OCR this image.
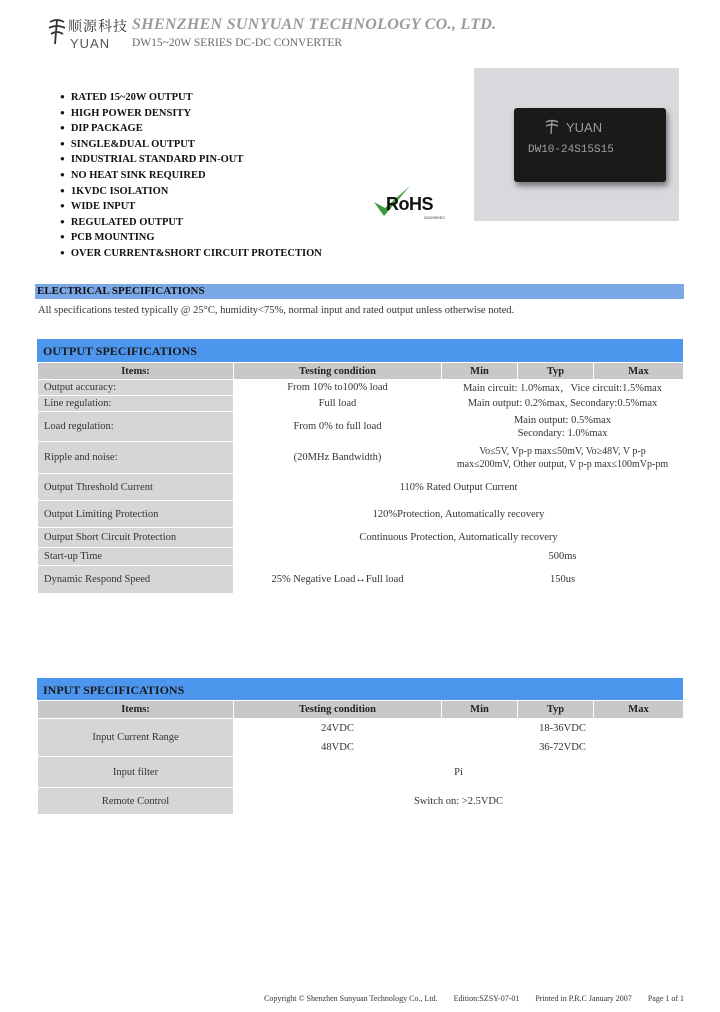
顺源科技
YUAN
SHENZHEN SUNYUAN TECHNOLOGY CO., LTD.
DW15~20W SERIES DC-DC CONVERTER
● RATED 15~20W OUTPUT
● HIGH POWER DENSITY
● DIP PACKAGE
● SINGLE&DUAL OUTPUT
● INDUSTRIAL STANDARD PIN-OUT
● NO HEAT SINK REQUIRED
● 1KVDC ISOLATION
● WIDE INPUT
● REGULATED OUTPUT
● PCB MOUNTING
● OVER CURRENT&SHORT CIRCUIT PROTECTION
YUAN
DW10-24S15S15
RoHS
2002/95/EC
ELECTRICAL SPECIFICATIONS
All specifications tested typically @ 25°C, humidity<75%, normal input and rated output unless otherwise noted.
OUTPUT SPECIFICATIONS
Items:	Testing condition	Min	Typ	Max
Output accuracy:	From 10% to100% load	Main circuit: 1.0%max，Vice circuit:1.5%max		
Line regulation:	Full load	Main output: 0.2%max, Secondary:0.5%max		
Load regulation:	From 0% to full load	Main output: 0.5%max
Secondary: 1.0%max		

Ripple and noise:	(20MHz Bandwidth)	Vo≤5V, Vp-p max≤50mV, Vo≥48V, V p-p
max≤200mV, Other output, V p-p max≤100mVp-pm		

Output Threshold Current	110% Rated Output Current			
Output Limiting Protection	120%Protection, Automatically recovery			
Output Short Circuit Protection	Continuous Protection, Automatically recovery			
Start-up Time		500ms		
Dynamic Respond Speed	25% Negative Load↔Full load	150us		
INPUT SPECIFICATIONS
Items:	Testing condition	Min	Typ	Max
Input Current Range	24VDC	18-36VDC		
	48VDC	36-72VDC		
Input filter	Pi			
Remote Control	Switch on: >2.5VDC			
Copyright © Shenzhen Sunyuan Technology Co., Ltd. Edition:SZSY-07-01 Printed in P.R.C January 2007 Page 1 of 1
